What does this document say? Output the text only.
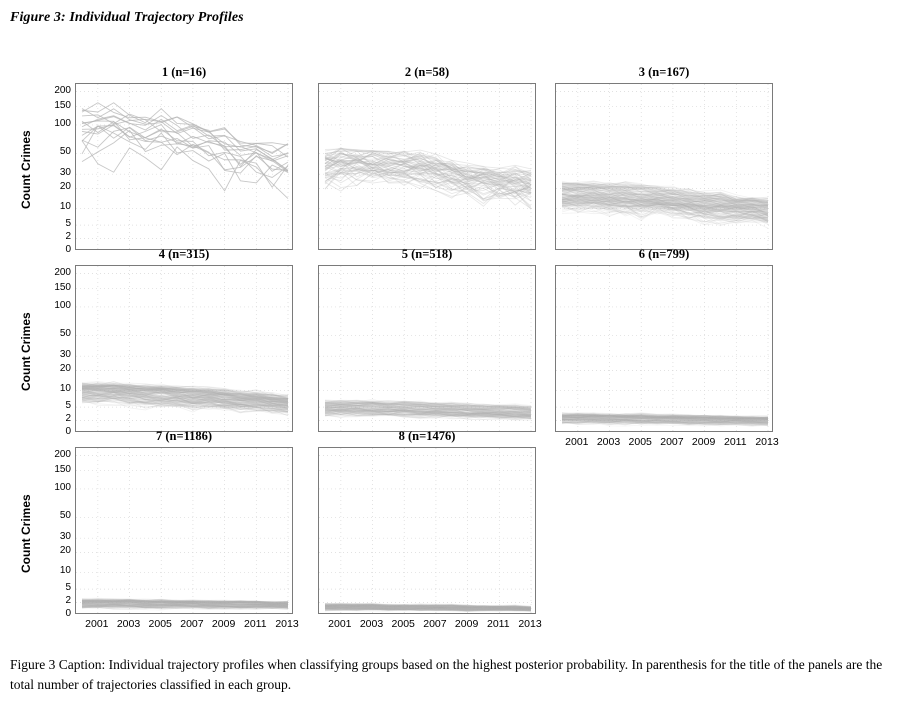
Figure 3: Individual Trajectory Profiles
1 (n=16)
0
2
5
10
20
30
50
100
150
200
Count Crimes
2 (n=58)	3 (n=167)
4 (n=315)
0
2
5
10
20
30
50
100
150
200
Count Crimes
5 (n=518)	6 (n=799)
2001 2003 2005 2007 2009 2011 2013
7 (n=1186)
0
2
5
10
20
30
50
100
150
200
Count Crimes
2001 2003 2005 2007 2009 2011 2013
8 (n=1476)
2001 2003 2005 2007 2009 2011 2013
Figure 3 Caption: Individual trajectory profiles when classifying groups based on the highest posterior probability. In parenthesis for the title of the panels are the total number of trajectories classified in each group.
